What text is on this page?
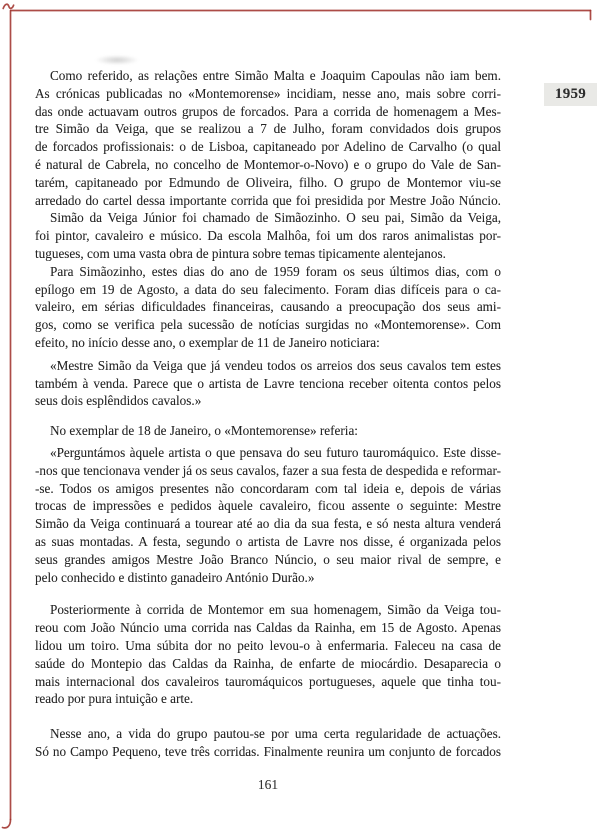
1959
Como referido, as relações entre Simão Malta e Joaquim Capoulas não iam bem.
As crónicas publicadas no «Montemorense» incidiam, nesse ano, mais sobre corri-
das onde actuavam outros grupos de forcados. Para a corrida de homenagem a Mes-
tre Simão da Veiga, que se realizou a 7 de Julho, foram convidados dois grupos
de forcados profissionais: o de Lisboa, capitaneado por Adelino de Carvalho (o qual
é natural de Cabrela, no concelho de Montemor-o-Novo) e o grupo do Vale de San-
tarém, capitaneado por Edmundo de Oliveira, filho. O grupo de Montemor viu-se
arredado do cartel dessa importante corrida que foi presidida por Mestre João Núncio.
Simão da Veiga Júnior foi chamado de Simãozinho. O seu pai, Simão da Veiga,
foi pintor, cavaleiro e músico. Da escola Malhôa, foi um dos raros animalistas por-
tugueses, com uma vasta obra de pintura sobre temas tipicamente alentejanos.
Para Simãozinho, estes dias do ano de 1959 foram os seus últimos dias, com o
epílogo em 19 de Agosto, a data do seu falecimento. Foram dias difíceis para o ca-
valeiro, em sérias dificuldades financeiras, causando a preocupação dos seus ami-
gos, como se verifica pela sucessão de notícias surgidas no «Montemorense». Com
efeito, no início desse ano, o exemplar de 11 de Janeiro noticiara:
«Mestre Simão da Veiga que já vendeu todos os arreios dos seus cavalos tem estes
também à venda. Parece que o artista de Lavre tenciona receber oitenta contos pelos
seus dois esplêndidos cavalos.»
No exemplar de 18 de Janeiro, o «Montemorense» referia:
«Perguntámos àquele artista o que pensava do seu futuro tauromáquico. Este disse-
-nos que tencionava vender já os seus cavalos, fazer a sua festa de despedida e reformar-
-se. Todos os amigos presentes não concordaram com tal ideia e, depois de várias
trocas de impressões e pedidos àquele cavaleiro, ficou assente o seguinte: Mestre
Simão da Veiga continuará a tourear até ao dia da sua festa, e só nesta altura venderá
as suas montadas. A festa, segundo o artista de Lavre nos disse, é organizada pelos
seus grandes amigos Mestre João Branco Núncio, o seu maior rival de sempre, e
pelo conhecido e distinto ganadeiro António Durão.»
Posteriormente à corrida de Montemor em sua homenagem, Simão da Veiga tou-
reou com João Núncio uma corrida nas Caldas da Rainha, em 15 de Agosto. Apenas
lidou um toiro. Uma súbita dor no peito levou-o à enfermaria. Faleceu na casa de
saúde do Montepio das Caldas da Rainha, de enfarte de miocárdio. Desaparecia o
mais internacional dos cavaleiros tauromáquicos portugueses, aquele que tinha tou-
reado por pura intuição e arte.
Nesse ano, a vida do grupo pautou-se por uma certa regularidade de actuações.
Só no Campo Pequeno, teve três corridas. Finalmente reunira um conjunto de forcados
161
